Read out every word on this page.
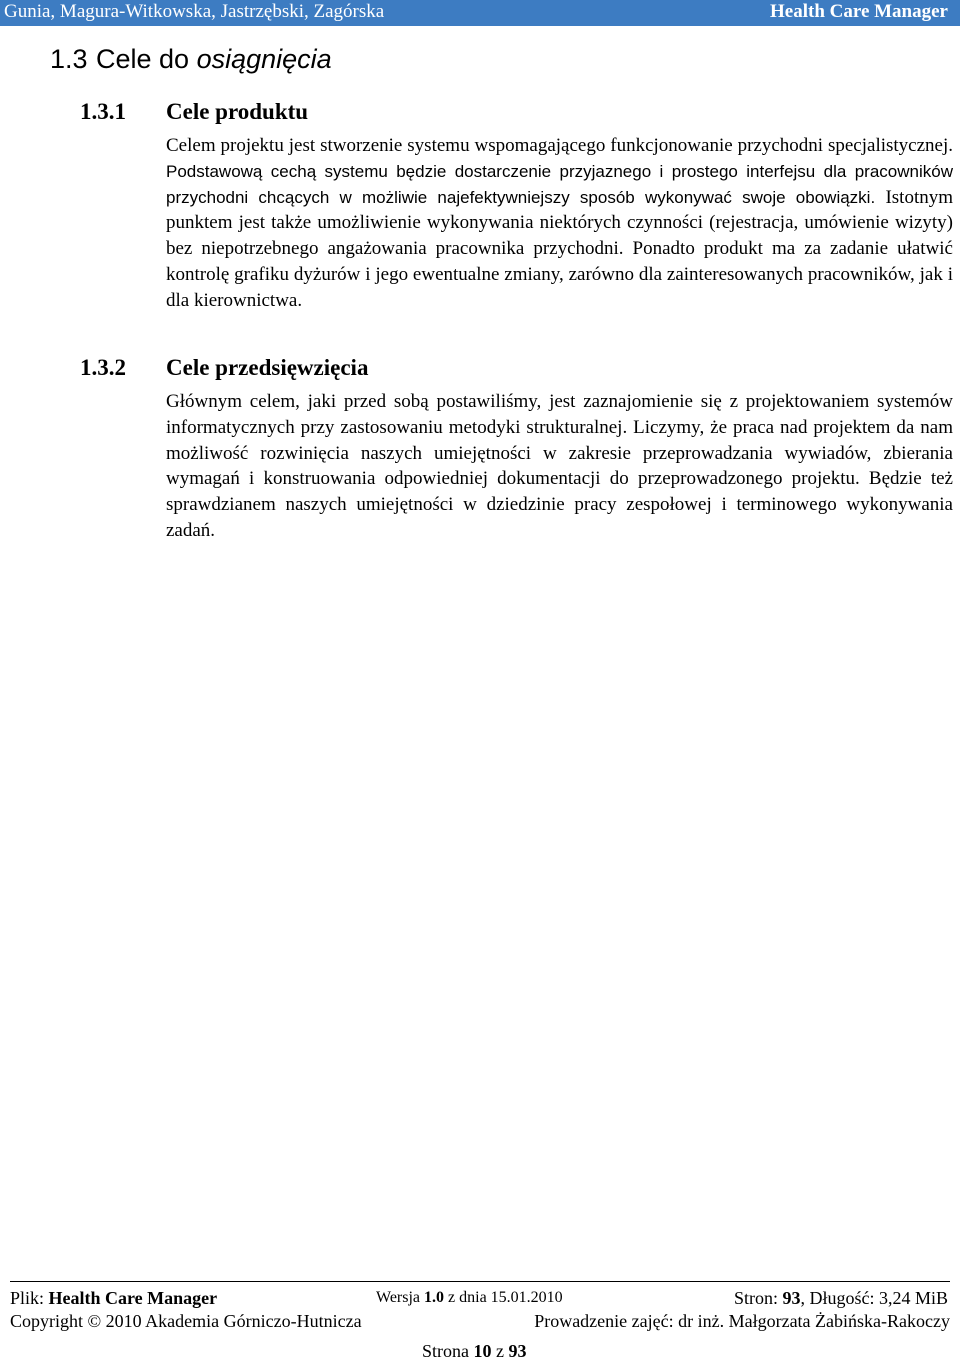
Gunia, Magura-Witkowska, Jastrzębski, Zagórska	Health Care Manager
1.3 Cele do osiągnięcia
1.3.1 Cele produktu

Celem projektu jest stworzenie systemu wspomagającego funkcjonowanie przychodni specjalistycznej. Podstawową cechą systemu będzie dostarczenie przyjaznego i prostego interfejsu dla pracowników przychodni chcących w możliwie najefektywniejszy sposób wykonywać swoje obowiązki. Istotnym punktem jest także umożliwienie wykonywania niektórych czynności (rejestracja, umówienie wizyty) bez niepotrzebnego angażowania pracownika przychodni. Ponadto produkt ma za zadanie ułatwić kontrolę grafiku dyżurów i jego ewentualne zmiany, zarówno dla zainteresowanych pracowników, jak i dla kierownictwa.

1.3.2 Cele przedsięwzięcia

Głównym celem, jaki przed sobą postawiliśmy, jest zaznajomienie się z projektowaniem systemów informatycznych przy zastosowaniu metodyki strukturalnej. Liczymy, że praca nad projektem da nam możliwość rozwinięcia naszych umiejętności w zakresie przeprowadzania wywiadów, zbierania wymagań i konstruowania odpowiedniej dokumentacji do przeprowadzonego projektu. Będzie też sprawdzianem naszych umiejętności w dziedzinie pracy zespołowej i terminowego wykonywania zadań.

Plik: Health Care Manager	Wersja 1.0 z dnia 15.01.2010	Stron: 93, Długość: 3,24 MiB
Copyright © 2010 Akademia Górniczo-Hutnicza	Prowadzenie zajęć: dr inż. Małgorzata Żabińska-Rakoczy
Strona 10 z 93
